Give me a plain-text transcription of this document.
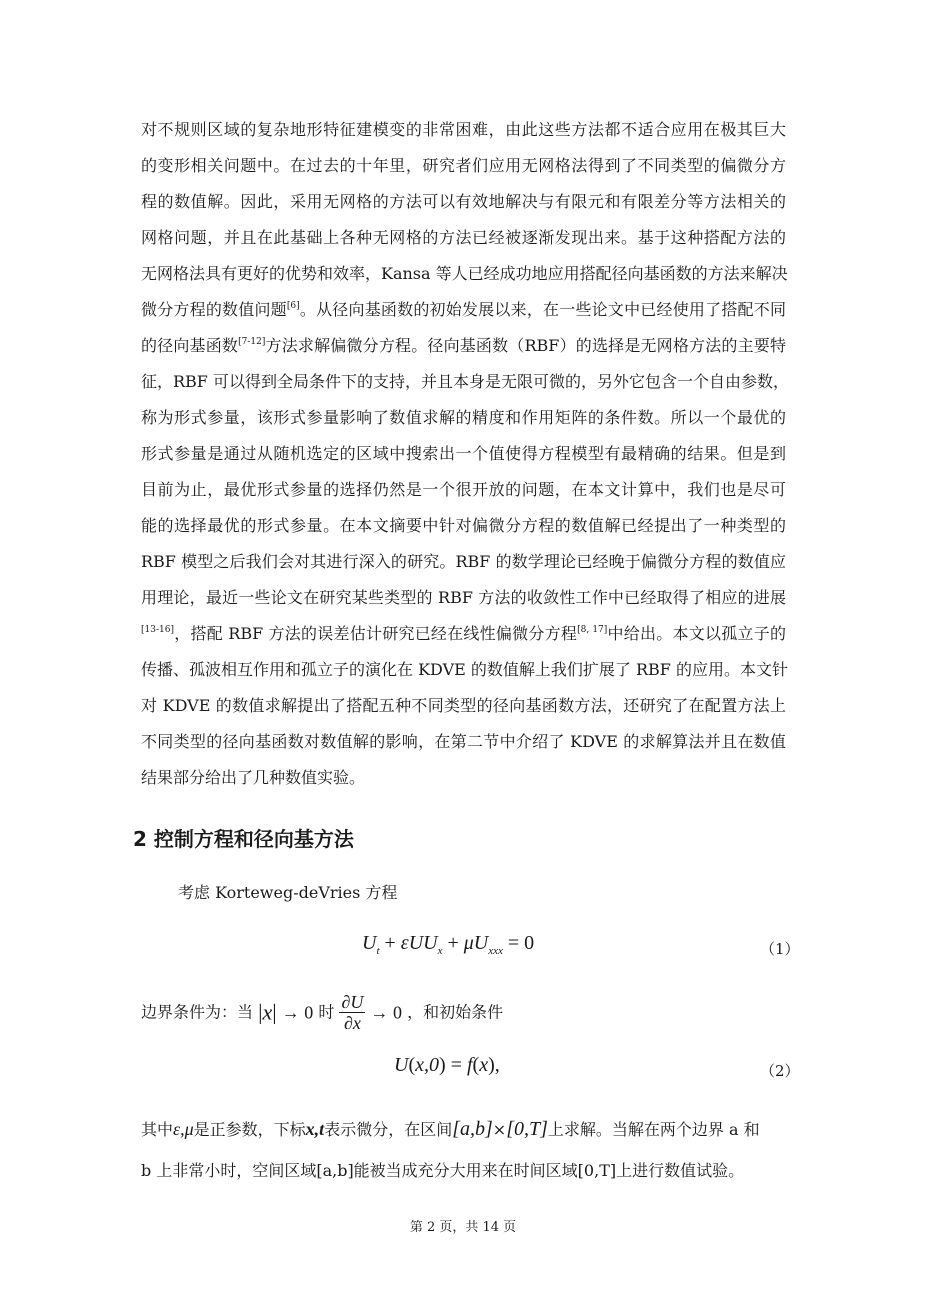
对不规则区域的复杂地形特征建模变的非常困难，由此这些方法都不适合应用在极其巨大
的变形相关问题中。在过去的十年里，研究者们应用无网格法得到了不同类型的偏微分方
程的数值解。因此，采用无网格的方法可以有效地解决与有限元和有限差分等方法相关的
网格问题，并且在此基础上各种无网格的方法已经被逐渐发现出来。基于这种搭配方法的
无网格法具有更好的优势和效率，Kansa 等人已经成功地应用搭配径向基函数的方法来解决
微分方程的数值问题[6]。从径向基函数的初始发展以来，在一些论文中已经使用了搭配不同
的径向基函数[7-12]方法求解偏微分方程。径向基函数（RBF）的选择是无网格方法的主要特
征，RBF 可以得到全局条件下的支持，并且本身是无限可微的，另外它包含一个自由参数，
称为形式参量，该形式参量影响了数值求解的精度和作用矩阵的条件数。所以一个最优的
形式参量是通过从随机选定的区域中搜索出一个值使得方程模型有最精确的结果。但是到
目前为止，最优形式参量的选择仍然是一个很开放的问题，在本文计算中，我们也是尽可
能的选择最优的形式参量。在本文摘要中针对偏微分方程的数值解已经提出了一种类型的
RBF 模型之后我们会对其进行深入的研究。RBF 的数学理论已经晚于偏微分方程的数值应
用理论，最近一些论文在研究某些类型的 RBF 方法的收敛性工作中已经取得了相应的进展
[13-16]，搭配 RBF 方法的误差估计研究已经在线性偏微分方程[8, 17]中给出。本文以孤立子的
传播、孤波相互作用和孤立子的演化在 KDVE 的数值解上我们扩展了 RBF 的应用。本文针
对 KDVE 的数值求解提出了搭配五种不同类型的径向基函数方法，还研究了在配置方法上
不同类型的径向基函数对数值解的影响，在第二节中介绍了 KDVE 的求解算法并且在数值
结果部分给出了几种数值实验。
2 控制方程和径向基方法
考虑 Korteweg-deVries 方程
$U_t + \varepsilon UU_x + \mu U_{xxx} = 0$	（1）
边界条件为：当 |x| → 0 时 $\frac{\partial U}{\partial x} \to 0$ ，和初始条件
U(x,0) = f(x),	（2）
其中ε,μ是正参数，下标x,t表示微分，在区间[a,b]×[0,T]上求解。当解在两个边界 a 和
b 上非常小时，空间区域[a,b]能被当成充分大用来在时间区域[0,T]上进行数值试验。
第 2 页，共 14 页
